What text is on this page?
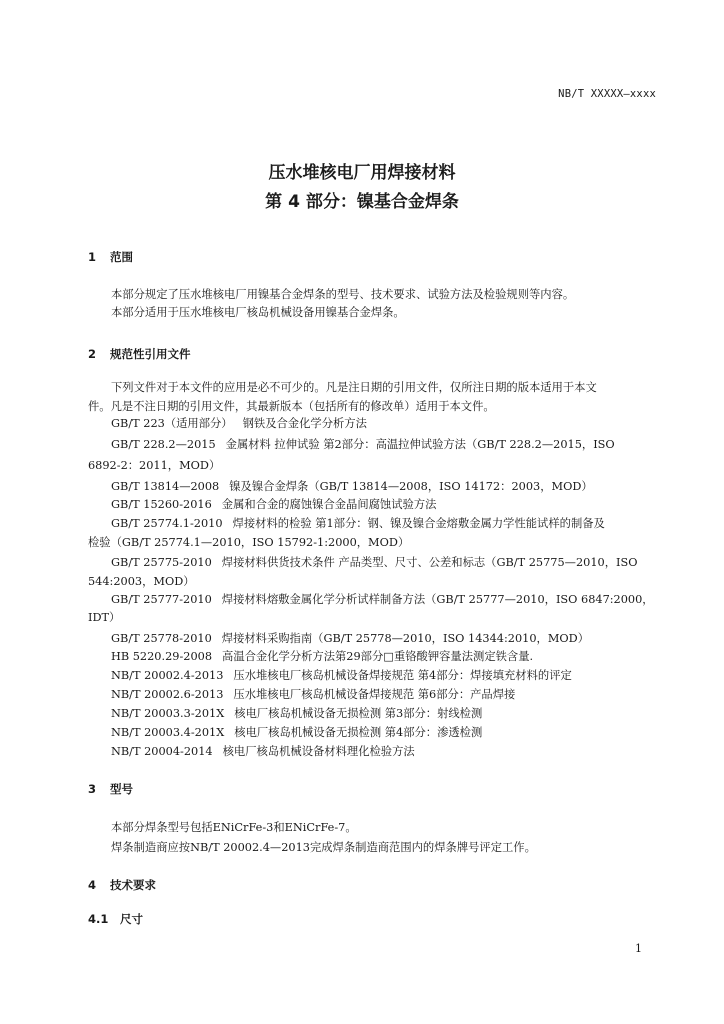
NB/T XXXXX—xxxx
压水堆核电厂用焊接材料
第 4 部分：镍基合金焊条
1 范围
本部分规定了压水堆核电厂用镍基合金焊条的型号、技术要求、试验方法及检验规则等内容。
本部分适用于压水堆核电厂核岛机械设备用镍基合金焊条。
2 规范性引用文件
下列文件对于本文件的应用是必不可少的。凡是注日期的引用文件，仅所注日期的版本适用于本文
件。凡是不注日期的引用文件，其最新版本（包括所有的修改单）适用于本文件。
GB/T 223（适用部分） 钢铁及合金化学分析方法
GB/T 228.2—2015 金属材料 拉伸试验 第2部分：高温拉伸试验方法（GB/T 228.2—2015，ISO
6892-2：2011，MOD）
GB/T 13814—2008 镍及镍合金焊条（GB/T 13814—2008，ISO 14172：2003，MOD）
GB/T 15260-2016 金属和合金的腐蚀镍合金晶间腐蚀试验方法
GB/T 25774.1-2010 焊接材料的检验 第1部分：钢、镍及镍合金熔敷金属力学性能试样的制备及
检验（GB/T 25774.1—2010，ISO 15792-1:2000，MOD）
GB/T 25775-2010 焊接材料供货技术条件 产品类型、尺寸、公差和标志（GB/T 25775—2010，ISO
544:2003，MOD）
GB/T 25777-2010 焊接材料熔敷金属化学分析试样制备方法（GB/T 25777—2010，ISO 6847:2000，
IDT）
GB/T 25778-2010 焊接材料采购指南（GB/T 25778—2010，ISO 14344:2010，MOD）
HB 5220.29-2008 高温合金化学分析方法第29部分□重铬酸钾容量法测定铁含量.
NB/T 20002.4-2013 压水堆核电厂核岛机械设备焊接规范 第4部分：焊接填充材料的评定
NB/T 20002.6-2013 压水堆核电厂核岛机械设备焊接规范 第6部分：产品焊接
NB/T 20003.3-201X 核电厂核岛机械设备无损检测 第3部分：射线检测
NB/T 20003.4-201X 核电厂核岛机械设备无损检测 第4部分：渗透检测
NB/T 20004-2014 核电厂核岛机械设备材料理化检验方法
3 型号
本部分焊条型号包括ENiCrFe-3和ENiCrFe-7。
焊条制造商应按NB/T 20002.4—2013完成焊条制造商范围内的焊条牌号评定工作。
4 技术要求
4.1 尺寸
1
